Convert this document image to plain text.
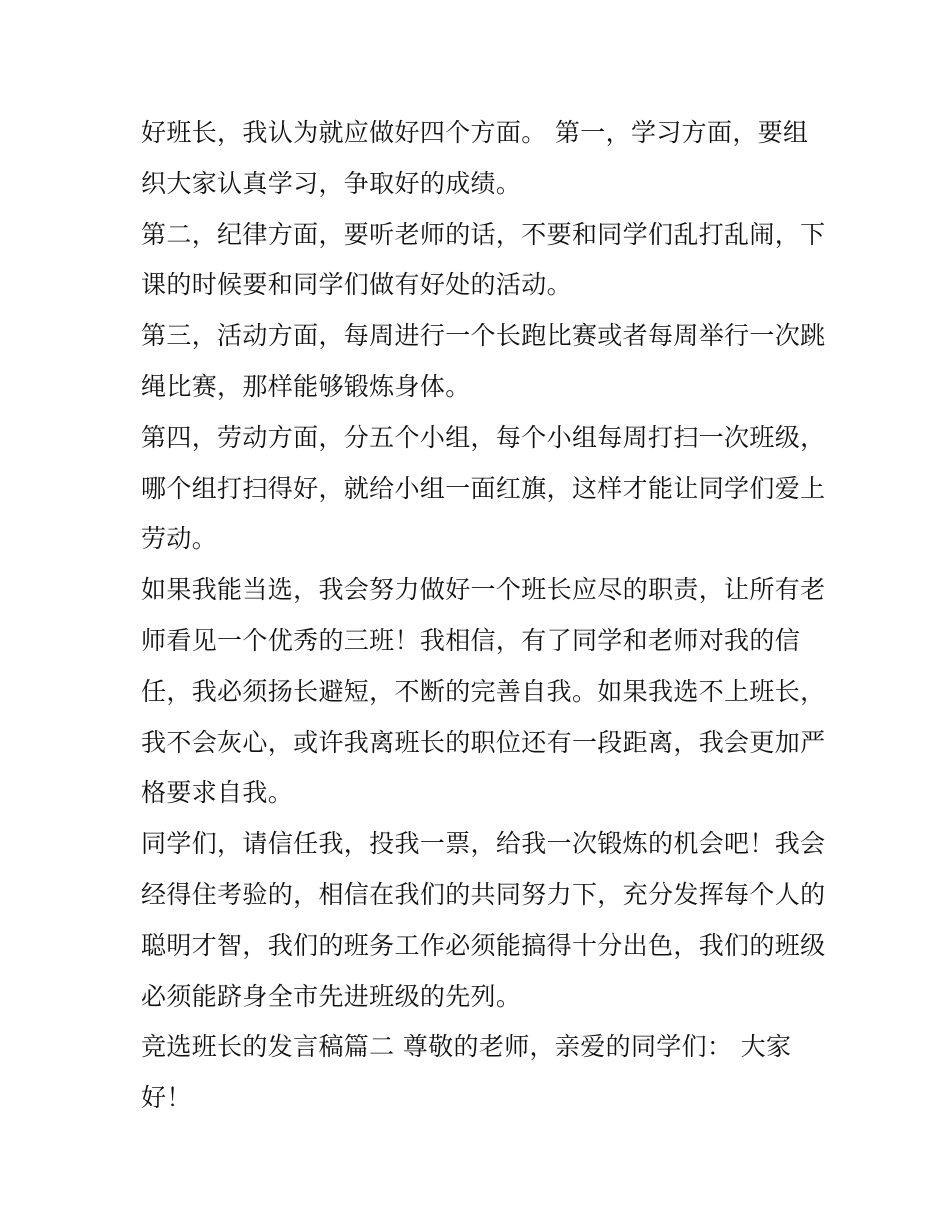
好班长，我认为就应做好四个方面。 第一，学习方面，要组
织大家认真学习，争取好的成绩。
第二，纪律方面，要听老师的话，不要和同学们乱打乱闹，下
课的时候要和同学们做有好处的活动。
第三，活动方面，每周进行一个长跑比赛或者每周举行一次跳
绳比赛，那样能够锻炼身体。
第四，劳动方面，分五个小组，每个小组每周打扫一次班级，
哪个组打扫得好，就给小组一面红旗，这样才能让同学们爱上
劳动。
如果我能当选，我会努力做好一个班长应尽的职责，让所有老
师看见一个优秀的三班！我相信，有了同学和老师对我的信
任，我必须扬长避短，不断的完善自我。如果我选不上班长，
我不会灰心，或许我离班长的职位还有一段距离，我会更加严
格要求自我。
同学们，请信任我，投我一票，给我一次锻炼的机会吧！我会
经得住考验的，相信在我们的共同努力下，充分发挥每个人的
聪明才智，我们的班务工作必须能搞得十分出色，我们的班级
必须能跻身全市先进班级的先列。
竞选班长的发言稿篇二 尊敬的老师，亲爱的同学们： 大家
好！
